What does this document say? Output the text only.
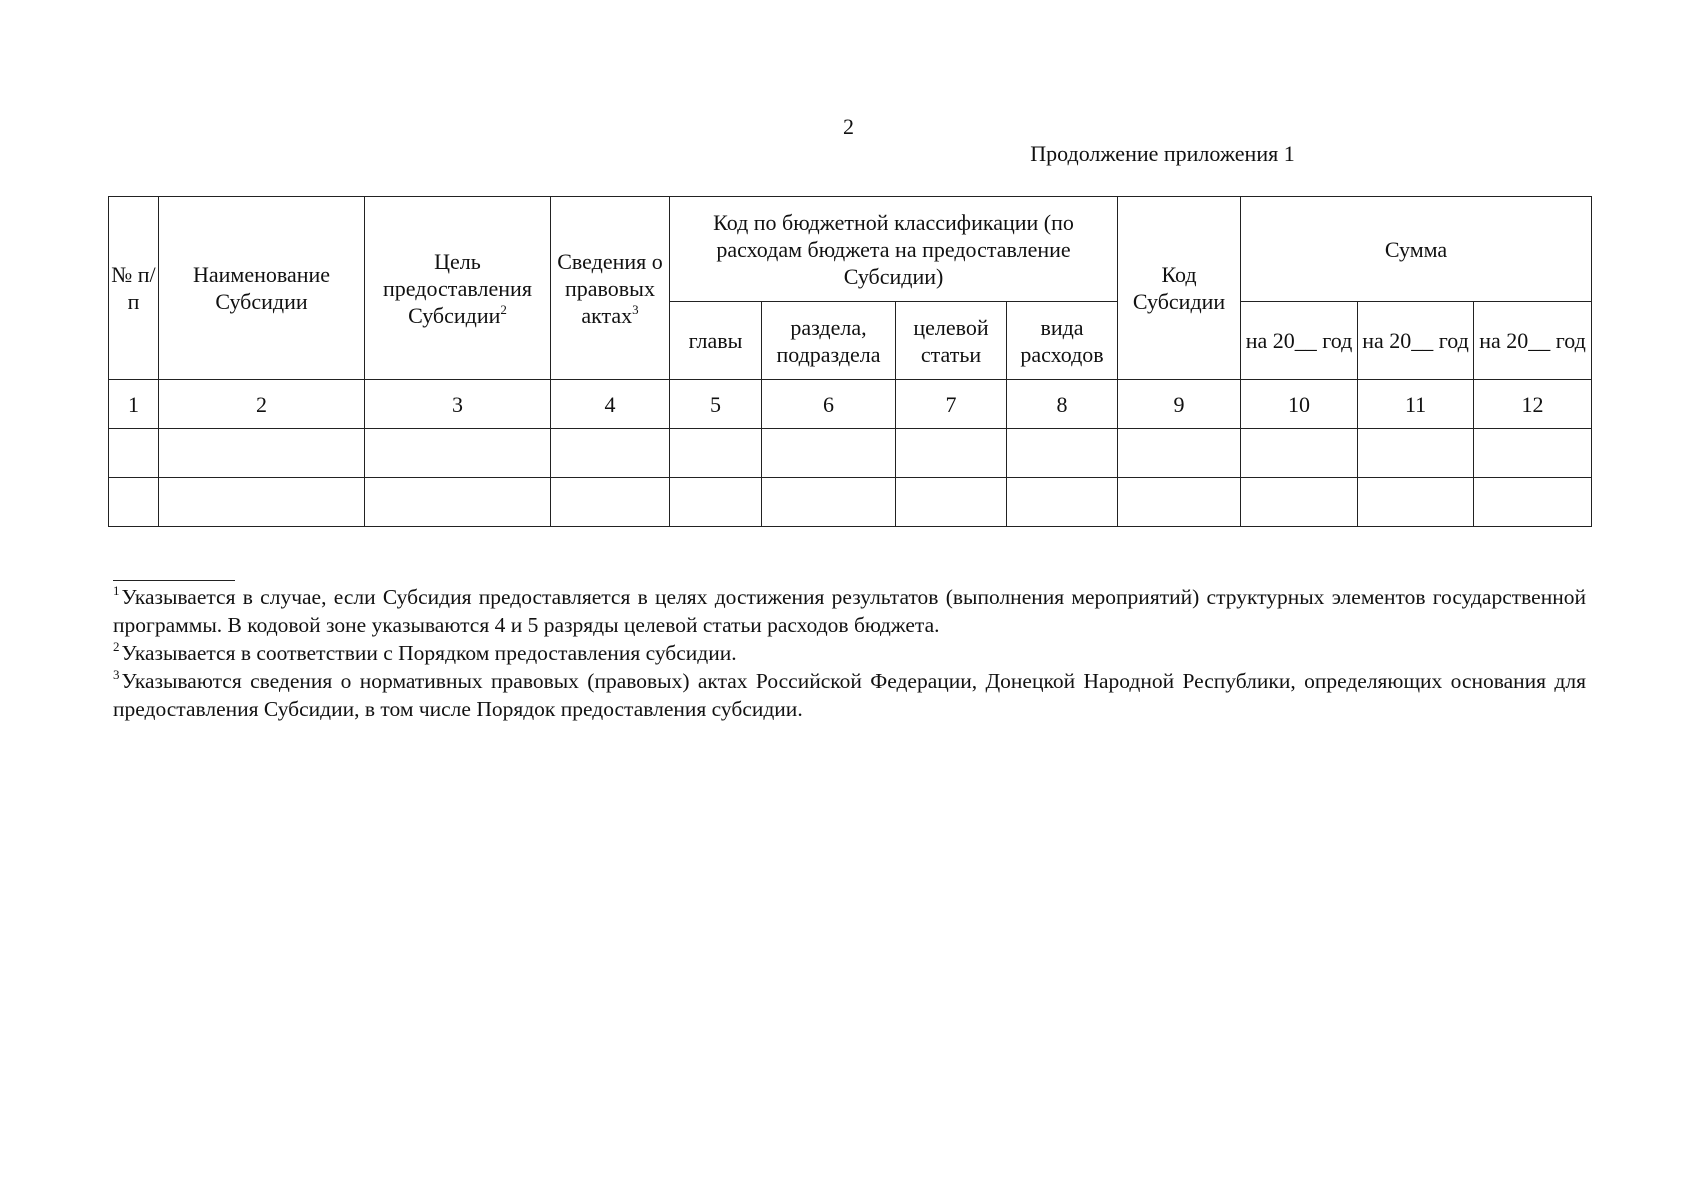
2
Продолжение приложения 1
№ п/п	Наименование Субсидии	Цель предоставления Субсидии$^2$	Сведения о правовых актах$^3$	Код по бюджетной классификации (по расходам бюджета на предоставление Субсидии)				Код Субсидии	Сумма		
				главы	раздела, подраздела	целевой статьи	вида расходов		на 20__ год	на 20__ год	на 20__ год
1	2	3	4	5	6	7	8	9	10	11	12

$^1$Указывается в случае, если Субсидия предоставляется в целях достижения результатов (выполнения мероприятий) структурных элементов государственной программы. В кодовой зоне указываются 4 и 5 разряды целевой статьи расходов бюджета.

$^2$Указывается в соответствии с Порядком предоставления субсидии.

$^3$Указываются сведения о нормативных правовых (правовых) актах Российской Федерации, Донецкой Народной Республики, определяющих основания для предоставления Субсидии, в том числе Порядок предоставления субсидии.
